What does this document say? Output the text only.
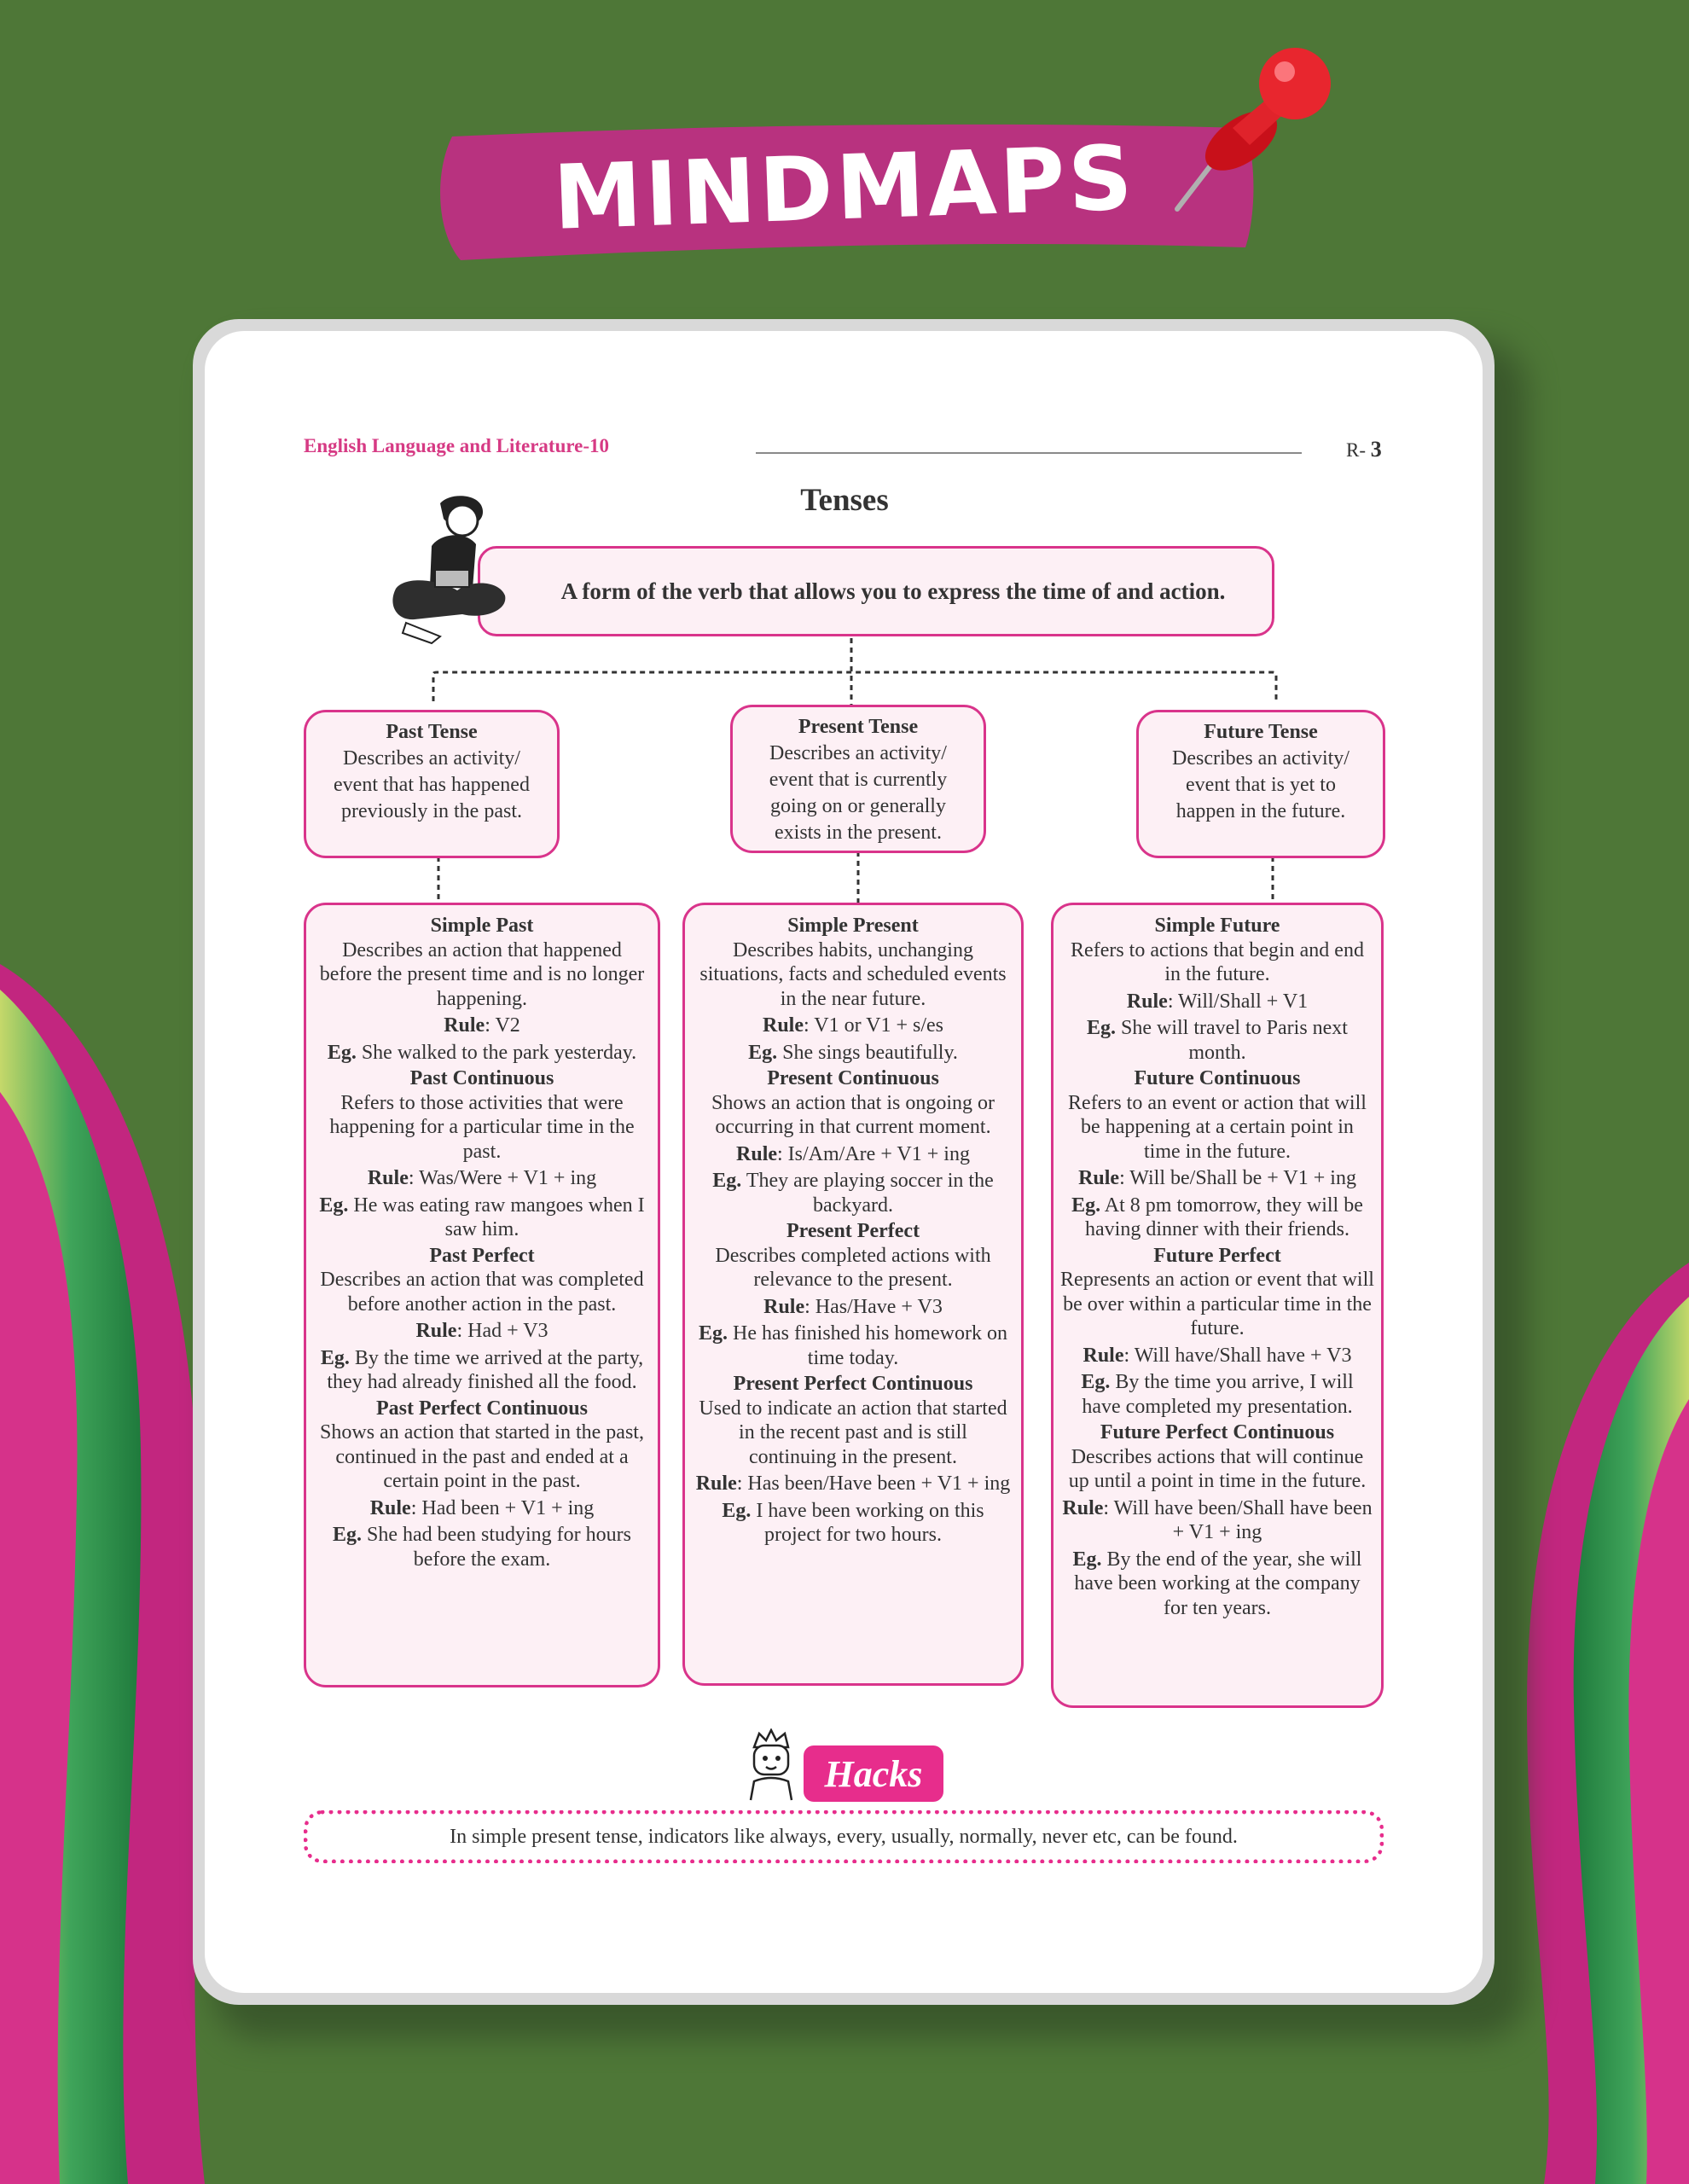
MINDMAPS
English Language and Literature-10	R- 3
Tenses
A form of the verb that allows you to express the time of and action.
Past Tense
Describes an activity/ event that has happened previously in the past.
Present Tense
Describes an activity/ event that is currently going on or generally exists in the present.
Future Tense
Describes an activity/ event that is yet to happen in the future.
Simple Past

Describes an action that happened before the present time and is no longer happening.

Rule: V2

Eg. She walked to the park yesterday.

Past Continuous

Refers to those activities that were happening for a particular time in the past.

Rule: Was/Were + V1 + ing

Eg. He was eating raw mangoes when I saw him.

Past Perfect

Describes an action that was completed before another action in the past.

Rule: Had + V3

Eg. By the time we arrived at the party, they had already finished all the food.

Past Perfect Continuous

Shows an action that started in the past, continued in the past and ended at a certain point in the past.

Rule: Had been + V1 + ing

Eg. She had been studying for hours before the exam.

Simple Present

Describes habits, unchanging situations, facts and scheduled events in the near future.

Rule: V1 or V1 + s/es

Eg. She sings beautifully.

Present Continuous

Shows an action that is ongoing or occurring in that current moment.

Rule: Is/Am/Are + V1 + ing

Eg. They are playing soccer in the backyard.

Present Perfect

Describes completed actions with relevance to the present.

Rule: Has/Have + V3

Eg. He has finished his homework on time today.

Present Perfect Continuous

Used to indicate an action that started in the recent past and is still continuing in the present.

Rule: Has been/Have been + V1 + ing

Eg. I have been working on this project for two hours.

Simple Future

Refers to actions that begin and end in the future.

Rule: Will/Shall + V1

Eg. She will travel to Paris next month.

Future Continuous

Refers to an event or action that will be happening at a certain point in time in the future.

Rule: Will be/Shall be + V1 + ing

Eg. At 8 pm tomorrow, they will be having dinner with their friends.

Future Perfect

Represents an action or event that will be over within a particular time in the future.

Rule: Will have/Shall have + V3

Eg. By the time you arrive, I will have completed my presentation.

Future Perfect Continuous

Describes actions that will continue up until a point in time in the future.

Rule: Will have been/Shall have been + V1 + ing

Eg. By the end of the year, she will have been working at the company for ten years.

Hacks
In simple present tense, indicators like always, every, usually, normally, never etc, can be found.
